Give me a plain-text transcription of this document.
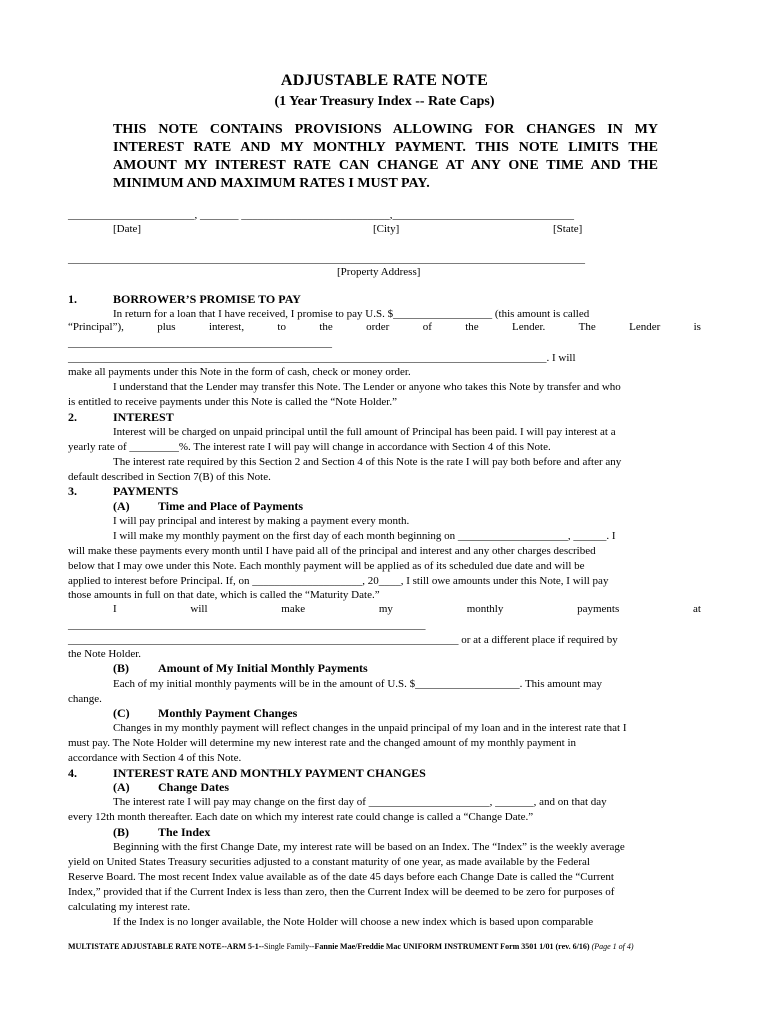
ADJUSTABLE RATE NOTE
(1 Year Treasury Index -- Rate Caps)
THIS NOTE CONTAINS PROVISIONS ALLOWING FOR CHANGES IN MY INTEREST RATE AND MY MONTHLY PAYMENT. THIS NOTE LIMITS THE AMOUNT MY INTEREST RATE CAN CHANGE AT ANY ONE TIME AND THE MINIMUM AND MAXIMUM RATES I MUST PAY.
_______________________, _______ ___________________________,_________________________________
[Date]	[City]	[State]
______________________________________________________________________________________________
[Property Address]
1.	BORROWER’S PROMISE TO PAY
In return for a loan that I have received, I promise to pay U.S. $__________________ (this amount is called
“Principal”),	plus	interest,	to	the	order	of	the	Lender.	The	Lender	is
________________________________________________
_______________________________________________________________________________________. I will
make all payments under this Note in the form of cash, check or money order.
I understand that the Lender may transfer this Note. The Lender or anyone who takes this Note by transfer and who
is entitled to receive payments under this Note is called the “Note Holder.”
2.	INTEREST
Interest will be charged on unpaid principal until the full amount of Principal has been paid. I will pay interest at a
yearly rate of _________%. The interest rate I will pay will change in accordance with Section 4 of this Note.
The interest rate required by this Section 2 and Section 4 of this Note is the rate I will pay both before and after any
default described in Section 7(B) of this Note.
3.	PAYMENTS
(A) Time and Place of Payments
I will pay principal and interest by making a payment every month.
I will make my monthly payment on the first day of each month beginning on ____________________, ______. I
will make these payments every month until I have paid all of the principal and interest and any other charges described
below that I may owe under this Note. Each monthly payment will be applied as of its scheduled due date and will be
applied to interest before Principal. If, on ____________________, 20____, I still owe amounts under this Note, I will pay
those amounts in full on that date, which is called the “Maturity Date.”
I	will	make	my	monthly	payments	at
_________________________________________________________________
_______________________________________________________________________ or at a different place if required by
the Note Holder.
(B) Amount of My Initial Monthly Payments
Each of my initial monthly payments will be in the amount of U.S. $___________________. This amount may
change.
(C) Monthly Payment Changes
Changes in my monthly payment will reflect changes in the unpaid principal of my loan and in the interest rate that I
must pay. The Note Holder will determine my new interest rate and the changed amount of my monthly payment in
accordance with Section 4 of this Note.
4.	INTEREST RATE AND MONTHLY PAYMENT CHANGES
(A) Change Dates
The interest rate I will pay may change on the first day of ______________________, _______, and on that day
every 12th month thereafter. Each date on which my interest rate could change is called a “Change Date.”
(B) The Index
Beginning with the first Change Date, my interest rate will be based on an Index. The “Index” is the weekly average
yield on United States Treasury securities adjusted to a constant maturity of one year, as made available by the Federal
Reserve Board. The most recent Index value available as of the date 45 days before each Change Date is called the “Current
Index,” provided that if the Current Index is less than zero, then the Current Index will be deemed to be zero for purposes of
calculating my interest rate.
If the Index is no longer available, the Note Holder will choose a new index which is based upon comparable
MULTISTATE ADJUSTABLE RATE NOTE--ARM 5-1--Single Family--Fannie Mae/Freddie Mac UNIFORM INSTRUMENT Form 3501 1/01 (rev. 6/16) (Page 1 of 4)
